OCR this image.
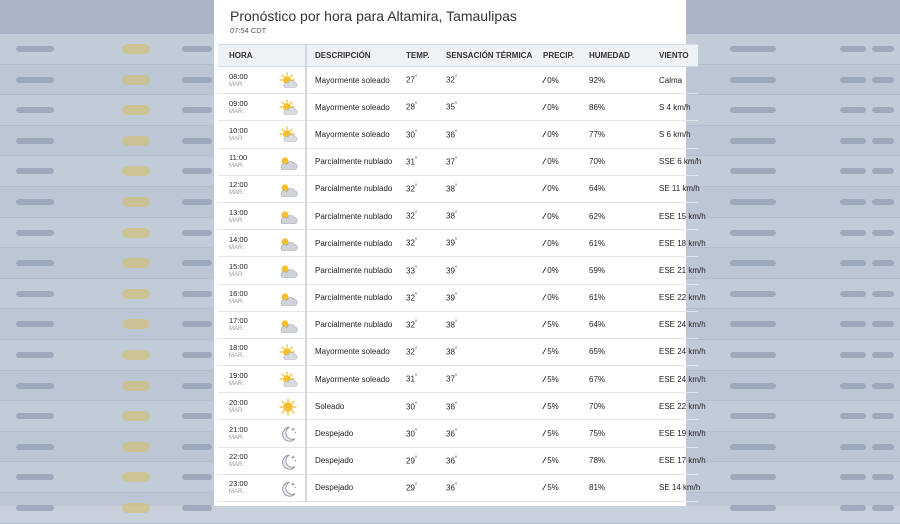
Pronóstico por hora para Altamira, Tamaulipas
07:54 CDT
HORA	DESCRIPCIÓN	TEMP.	SENSACIÓN TÉRMICA	PRECIP.	HUMEDAD	VIENTO

08:00
MAR.	Mayormente soleado	27°	32°	/0%	92%	Calma

09:00
MAR.	Mayormente soleado	28°	35°	/0%	86%	S 4 km/h

10:00
MAR.	Mayormente soleado	30°	36°	/0%	77%	S 6 km/h

11:00
MAR.	Parcialmente nublado	31°	37°	/0%	70%	SSE 6 km/h

12:00
MAR.	Parcialmente nublado	32°	38°	/0%	64%	SE 11 km/h

13:00
MAR.	Parcialmente nublado	32°	38°	/0%	62%	ESE 15 km/h

14:00
MAR.	Parcialmente nublado	32°	39°	/0%	61%	ESE 18 km/h

15:00
MAR.	Parcialmente nublado	33°	39°	/0%	59%	ESE 21 km/h

16:00
MAR.	Parcialmente nublado	32°	39°	/0%	61%	ESE 22 km/h

17:00
MAR.	Parcialmente nublado	32°	38°	/5%	64%	ESE 24 km/h

18:00
MAR.	Mayormente soleado	32°	38°	/5%	65%	ESE 24 km/h

19:00
MAR.	Mayormente soleado	31°	37°	/5%	67%	ESE 24 km/h

20:00
MAR.	Soleado	30°	36°	/5%	70%	ESE 22 km/h

21:00
MAR.	Despejado	30°	36°	/5%	75%	ESE 19 km/h

22:00
MAR.	Despejado	29°	36°	/5%	78%	ESE 17 km/h

23:00
MAR.	Despejado	29°	36°	/5%	81%	SE 14 km/h
